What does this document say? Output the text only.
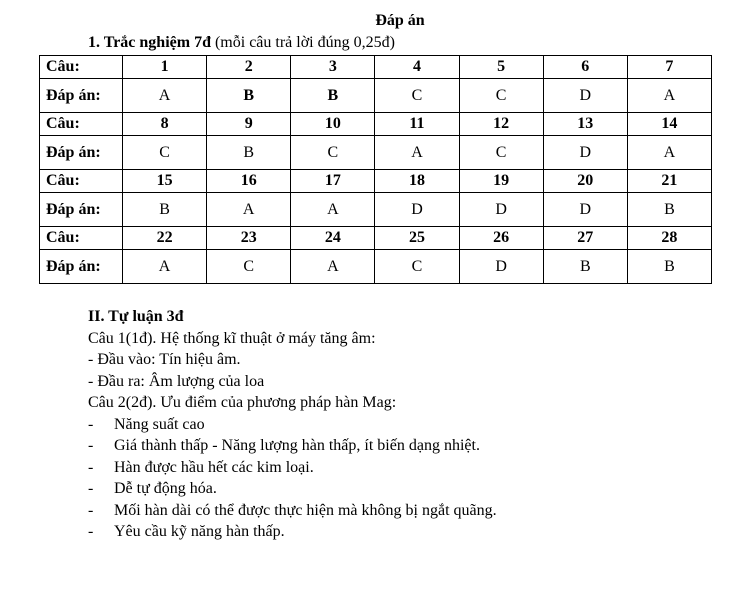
Đáp án
1. Trắc nghiệm 7đ (mỗi câu trả lời đúng 0,25đ)
Câu:	1	2	3	4	5	6	7
Đáp án:	A	B	B	C	C	D	A
Câu:	8	9	10	11	12	13	14
Đáp án:	C	B	C	A	C	D	A
Câu:	15	16	17	18	19	20	21
Đáp án:	B	A	A	D	D	D	B
Câu:	22	23	24	25	26	27	28
Đáp án:	A	C	A	C	D	B	B
II. Tự luận 3đ
Câu 1(1đ). Hệ thống kĩ thuật ở máy tăng âm:
- Đầu vào: Tín hiệu âm.
- Đầu ra: Âm lượng của loa
Câu 2(2đ). Ưu điểm của phương pháp hàn Mag:
- Năng suất cao
- Giá thành thấp - Năng lượng hàn thấp, ít biến dạng nhiệt.
- Hàn được hầu hết các kim loại.
- Dễ tự động hóa.
- Mối hàn dài có thể được thực hiện mà không bị ngắt quãng.
- Yêu cầu kỹ năng hàn thấp.
